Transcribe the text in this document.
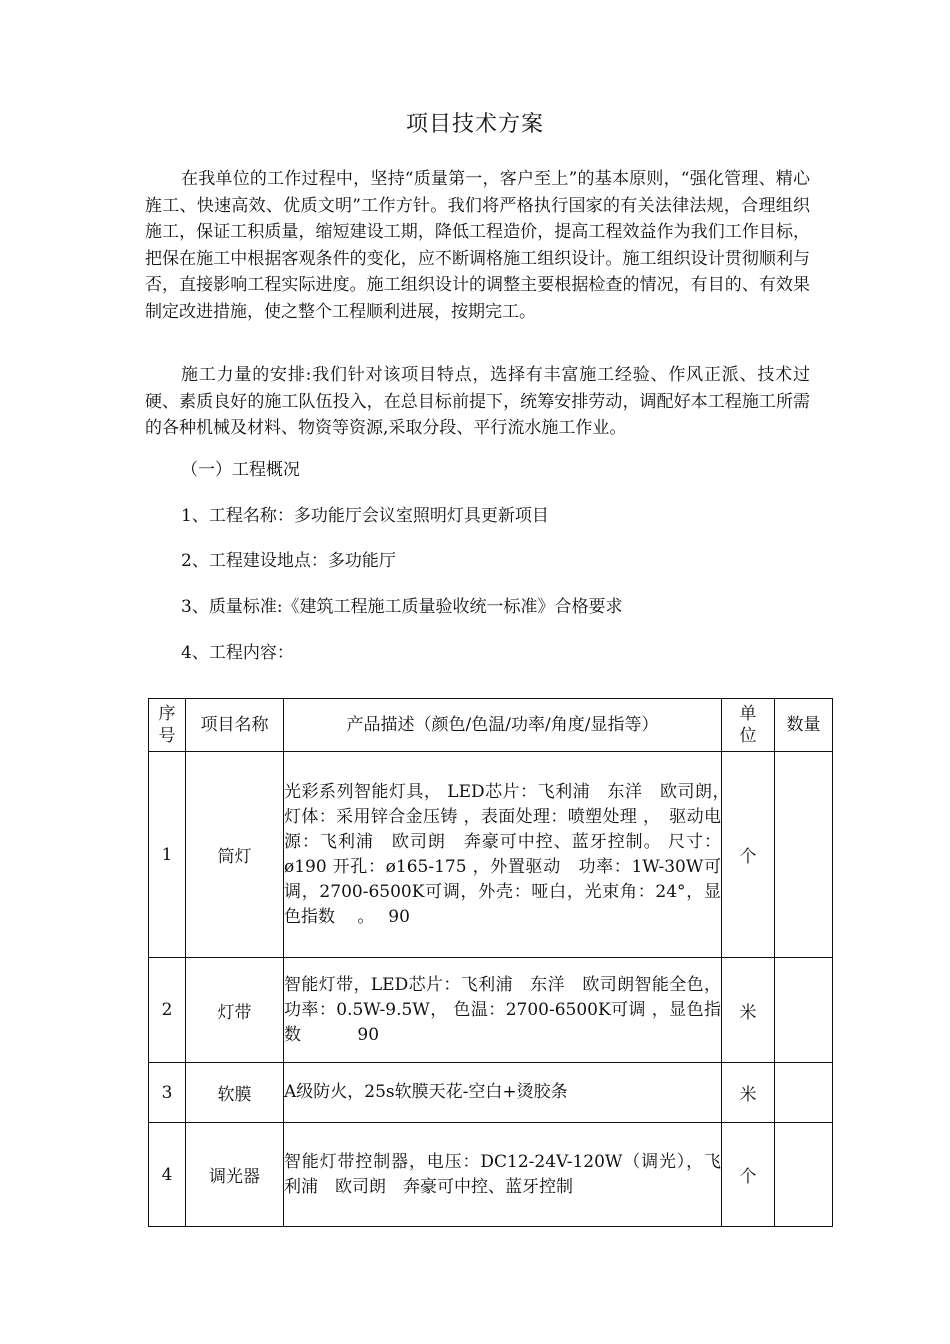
项目技术方案

在我单位的工作过程中，坚持“质量第一，客户至上”的基本原则，“强化管理、精心旌工、快速高效、优质文明”工作方针。我们将严格执行国家的有关法律法规，合理组织施工，保证工积质量，缩短建设工期，降低工程造价，提高工程效益作为我们工作目标，把保在施工中根据客观条件的变化，应不断调格施工组织设计。施工组织设计贯彻顺利与否，直接影响工程实际进度。施工组织设计的调整主要根据检查的情况，有目的、有效果制定改进措施，使之整个工程顺利进展，按期完工。

施工力量的安排:我们针对该项目特点，选择有丰富施工经验、作风正派、技术过硬、素质良好的施工队伍投入，在总目标前提下，统筹安排劳动，调配好本工程施工所需的各种机械及材料、物资等资源,采取分段、平行流水施工作业。

（一）工程概况

1、工程名称：多功能厅会议室照明灯具更新项目

2、工程建设地点：多功能厅

3、质量标准:《建筑工程施工质量验收统一标准》合格要求

4、工程内容：

序号	项目名称	产品描述（颜色/色温/功率/角度/显指等）	单位	数量
1	筒灯	光彩系列智能灯具， LED芯片：飞利浦　东洋　欧司朗，　灯体：采用锌合金压铸 ，表面处理：喷塑处理 ，　驱动电源：飞利浦　欧司朗　奔豪可中控、蓝牙控制。 尺寸：ø190 开孔：ø165-175 ，外置驱动　功率：1W-30W可调，2700-6500K可调，外壳：哑白，光束角：24°，显色指数　 。　 90	个	
2	灯带	智能灯带，LED芯片：飞利浦　东洋　欧司朗智能全色，功率：0.5W-9.5W， 色温：2700-6500K可调 ，显色指数　　　 90	米	
3	软膜	A级防火，25s软膜天花-空白+烫胶条	米	
4	调光器	智能灯带控制器，电压：DC12-24V-120W（调光），飞利浦　欧司朗　奔豪可中控、蓝牙控制	个	
